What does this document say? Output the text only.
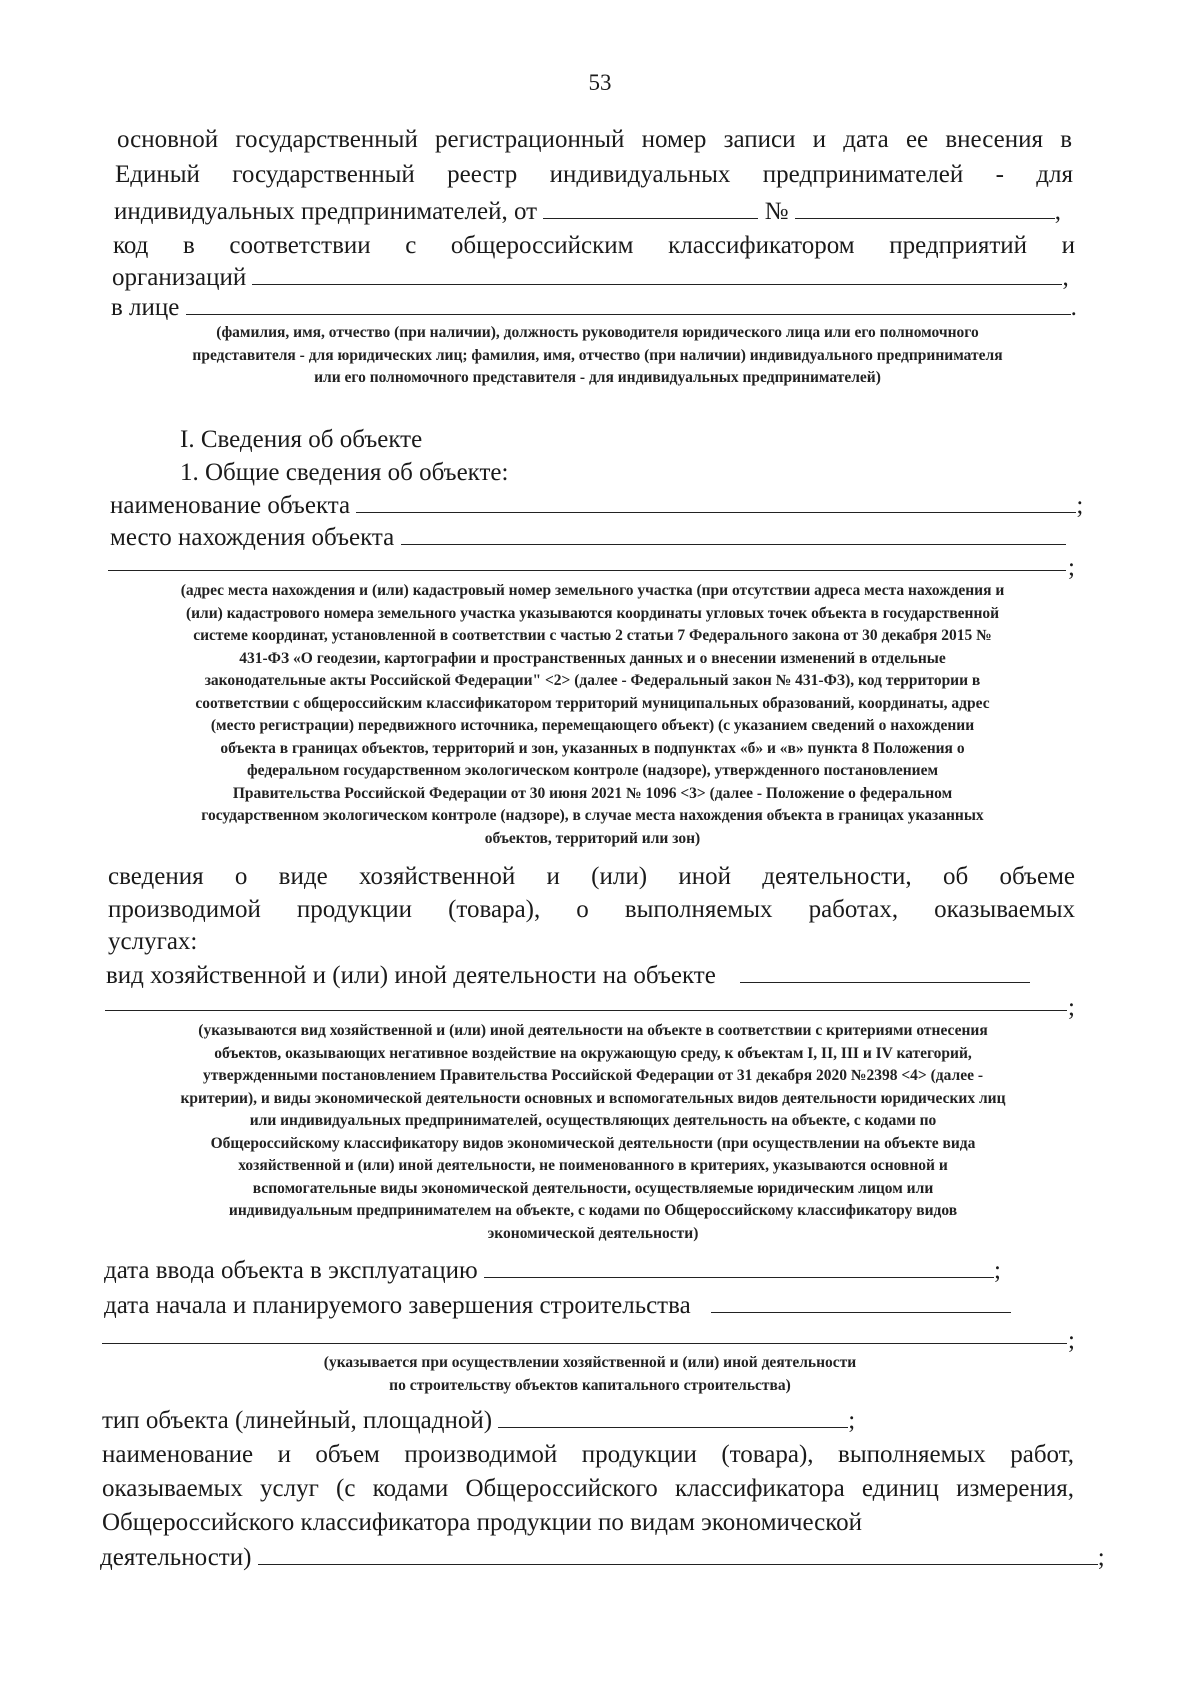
53
основной государственный регистрационный номер записи и дата ее внесения в
Единый государственный реестр индивидуальных предпринимателей - для
индивидуальных предпринимателей, от	№	,
код в соответствии с общероссийским классификатором предприятий и
организаций	,
в лице	.
(фамилия, имя, отчество (при наличии), должность руководителя юридического лица или его полномочного
представителя - для юридических лиц; фамилия, имя, отчество (при наличии) индивидуального предпринимателя
или его полномочного представителя - для индивидуальных предпринимателей)
I. Сведения об объекте
1. Общие сведения об объекте:
наименование объекта	;
место нахождения объекта
;
(адрес места нахождения и (или) кадастровый номер земельного участка (при отсутствии адреса места нахождения и
(или) кадастрового номера земельного участка указываются координаты угловых точек объекта в государственной
системе координат, установленной в соответствии с частью 2 статьи 7 Федерального закона от 30 декабря 2015 №
431-ФЗ «О геодезии, картографии и пространственных данных и о внесении изменений в отдельные
законодательные акты Российской Федерации" <2> (далее - Федеральный закон № 431-ФЗ), код территории в
соответствии с общероссийским классификатором территорий муниципальных образований, координаты, адрес
(место регистрации) передвижного источника, перемещающего объект) (с указанием сведений о нахождении
объекта в границах объектов, территорий и зон, указанных в подпунктах «б» и «в» пункта 8 Положения о
федеральном государственном экологическом контроле (надзоре), утвержденного постановлением
Правительства Российской Федерации от 30 июня 2021 № 1096 <3> (далее - Положение о федеральном
государственном экологическом контроле (надзоре), в случае места нахождения объекта в границах указанных
объектов, территорий или зон)
сведения о виде хозяйственной и (или) иной деятельности, об объеме
производимой продукции (товара), о выполняемых работах, оказываемых
услугах:
вид хозяйственной и (или) иной деятельности на объекте
;
(указываются вид хозяйственной и (или) иной деятельности на объекте в соответствии с критериями отнесения
объектов, оказывающих негативное воздействие на окружающую среду, к объектам I, II, III и IV категорий,
утвержденными постановлением Правительства Российской Федерации от 31 декабря 2020 №2398 <4> (далее -
критерии), и виды экономической деятельности основных и вспомогательных видов деятельности юридических лиц
или индивидуальных предпринимателей, осуществляющих деятельность на объекте, с кодами по
Общероссийскому классификатору видов экономической деятельности (при осуществлении на объекте вида
хозяйственной и (или) иной деятельности, не поименованного в критериях, указываются основной и
вспомогательные виды экономической деятельности, осуществляемые юридическим лицом или
индивидуальным предпринимателем на объекте, с кодами по Общероссийскому классификатору видов
экономической деятельности)
дата ввода объекта в эксплуатацию	;
дата начала и планируемого завершения строительства
;
(указывается при осуществлении хозяйственной и (или) иной деятельности
по строительству объектов капитального строительства)
тип объекта (линейный, площадной)	;
наименование и объем производимой продукции (товара), выполняемых работ,
оказываемых услуг (с кодами Общероссийского классификатора единиц измерения,
Общероссийского классификатора продукции по видам экономической
деятельности)	;
